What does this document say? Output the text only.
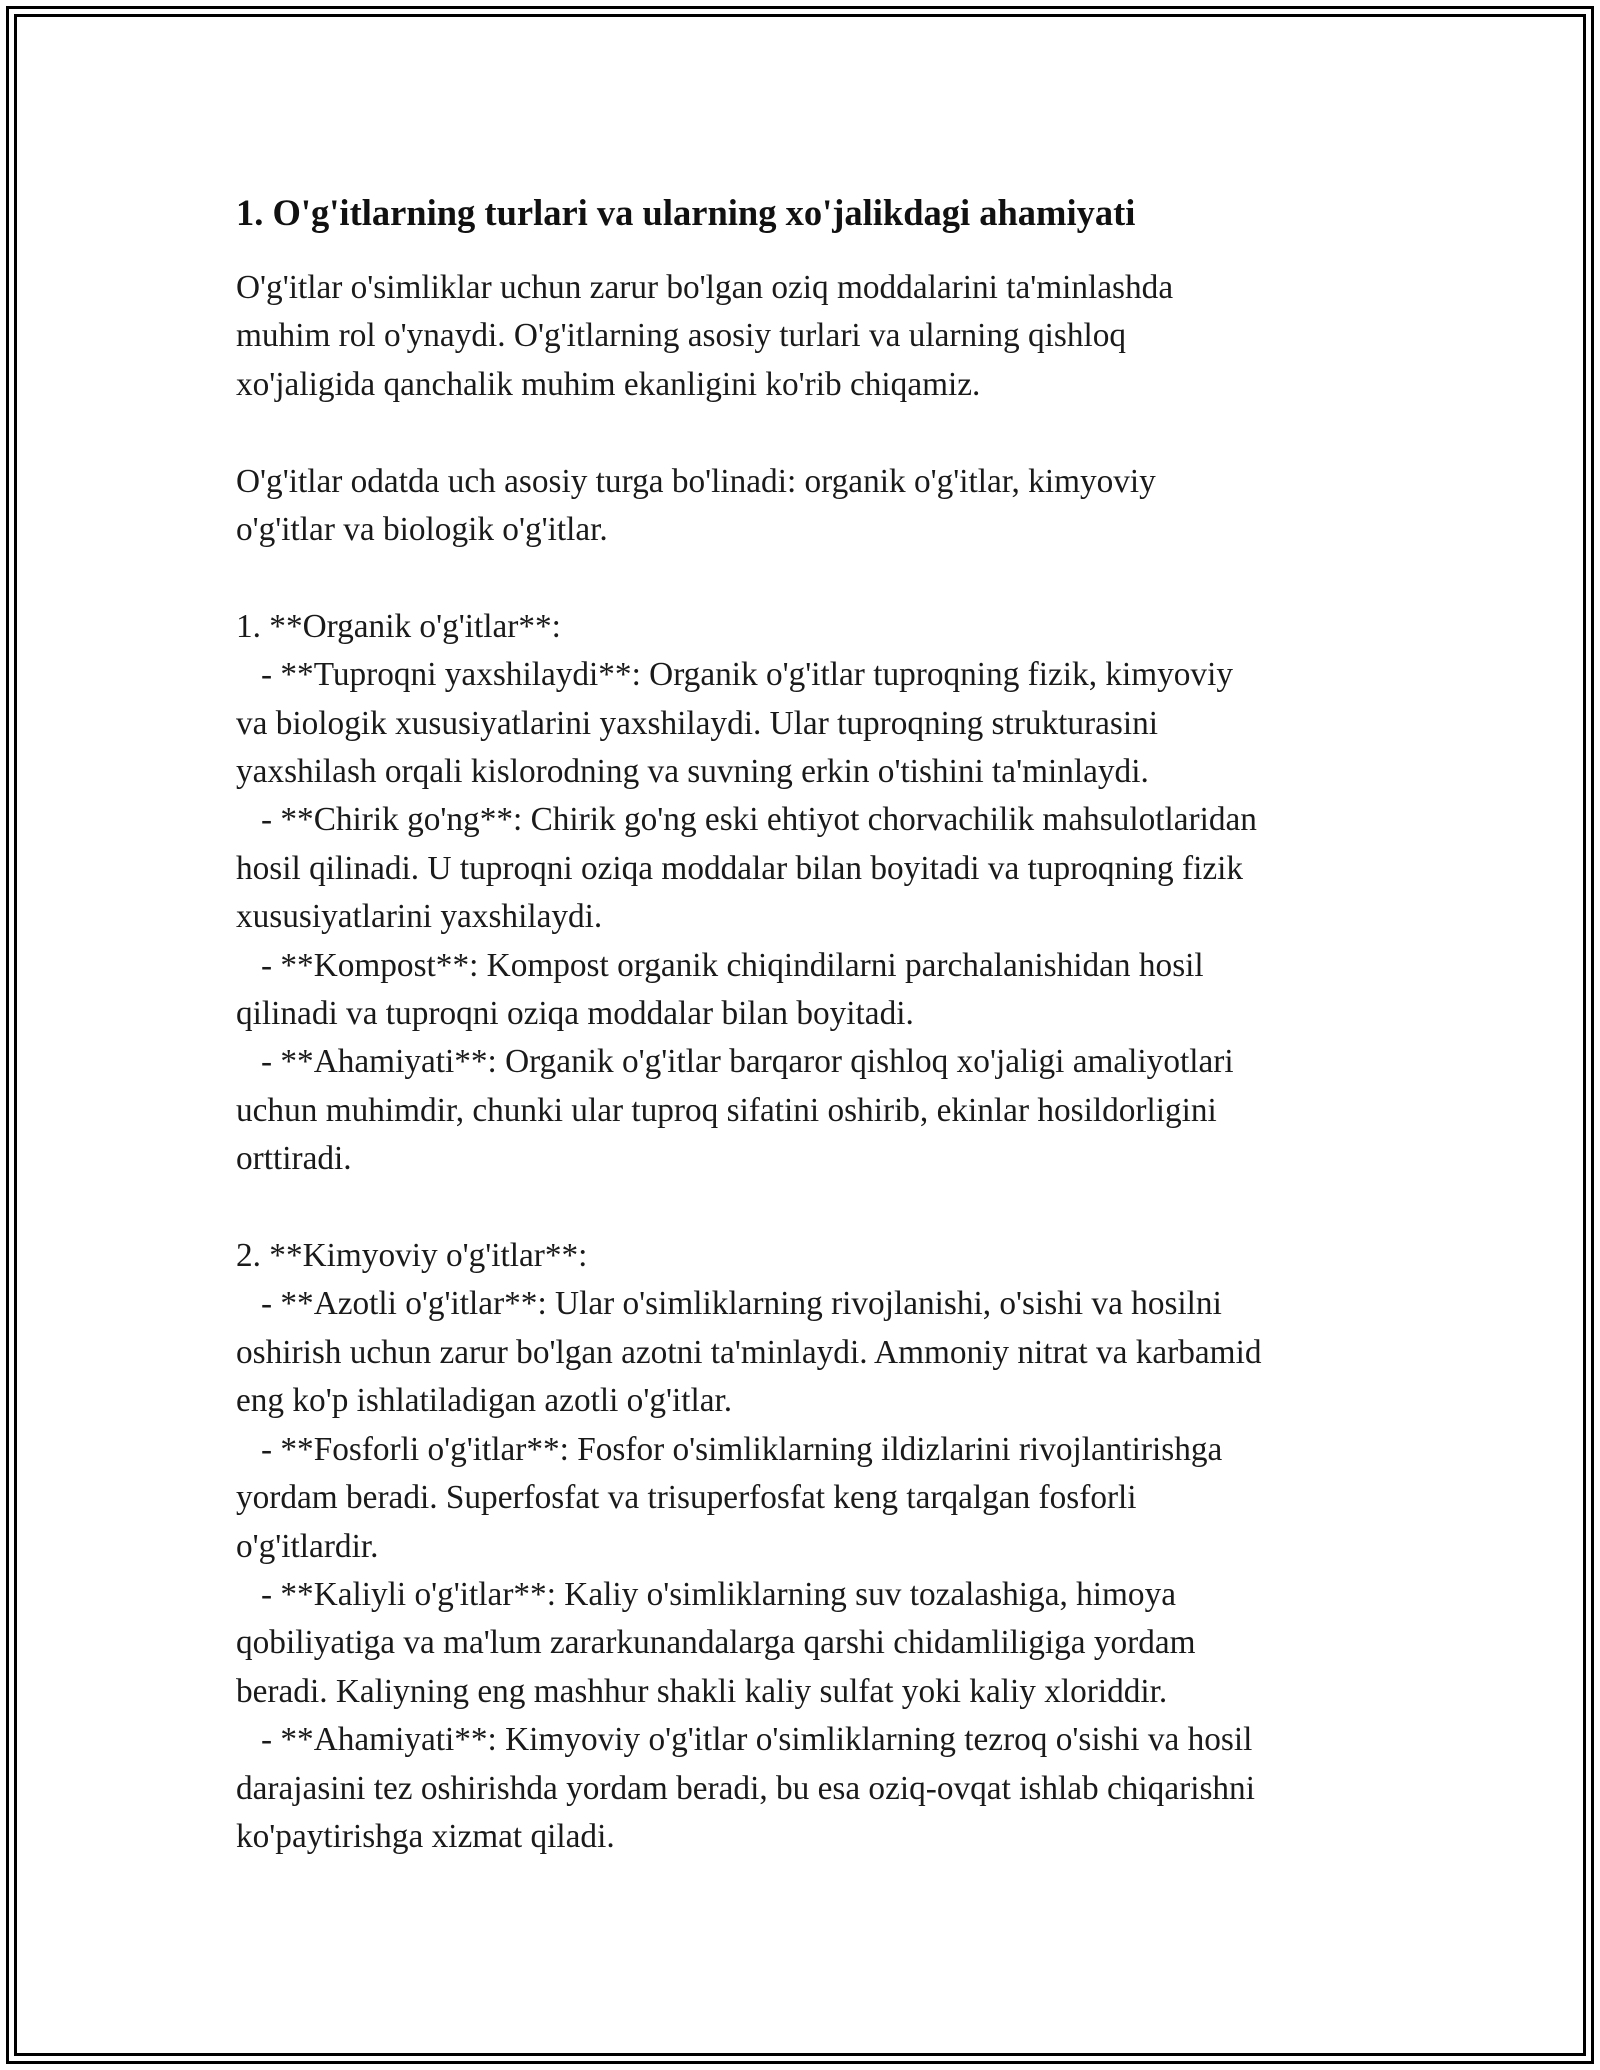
1. O'g'itlarning turlari va ularning xo'jalikdagi ahamiyati

O'g'itlar o'simliklar uchun zarur bo'lgan oziq moddalarini ta'minlashda
muhim rol o'ynaydi. O'g'itlarning asosiy turlari va ularning qishloq
xo'jaligida qanchalik muhim ekanligini ko'rib chiqamiz.

O'g'itlar odatda uch asosiy turga bo'linadi: organik o'g'itlar, kimyoviy
o'g'itlar va biologik o'g'itlar.

1. **Organik o'g'itlar**:
- **Tuproqni yaxshilaydi**: Organik o'g'itlar tuproqning fizik, kimyoviy
va biologik xususiyatlarini yaxshilaydi. Ular tuproqning strukturasini
yaxshilash orqali kislorodning va suvning erkin o'tishini ta'minlaydi.
- **Chirik go'ng**: Chirik go'ng eski ehtiyot chorvachilik mahsulotlaridan
hosil qilinadi. U tuproqni oziqa moddalar bilan boyitadi va tuproqning fizik
xususiyatlarini yaxshilaydi.
- **Kompost**: Kompost organik chiqindilarni parchalanishidan hosil
qilinadi va tuproqni oziqa moddalar bilan boyitadi.
- **Ahamiyati**: Organik o'g'itlar barqaror qishloq xo'jaligi amaliyotlari
uchun muhimdir, chunki ular tuproq sifatini oshirib, ekinlar hosildorligini
orttiradi.

2. **Kimyoviy o'g'itlar**:
- **Azotli o'g'itlar**: Ular o'simliklarning rivojlanishi, o'sishi va hosilni
oshirish uchun zarur bo'lgan azotni ta'minlaydi. Ammoniy nitrat va karbamid
eng ko'p ishlatiladigan azotli o'g'itlar.
- **Fosforli o'g'itlar**: Fosfor o'simliklarning ildizlarini rivojlantirishga
yordam beradi. Superfosfat va trisuperfosfat keng tarqalgan fosforli
o'g'itlardir.
- **Kaliyli o'g'itlar**: Kaliy o'simliklarning suv tozalashiga, himoya
qobiliyatiga va ma'lum zararkunandalarga qarshi chidamliligiga yordam
beradi. Kaliyning eng mashhur shakli kaliy sulfat yoki kaliy xloriddir.
- **Ahamiyati**: Kimyoviy o'g'itlar o'simliklarning tezroq o'sishi va hosil
darajasini tez oshirishda yordam beradi, bu esa oziq-ovqat ishlab chiqarishni
ko'paytirishga xizmat qiladi.
